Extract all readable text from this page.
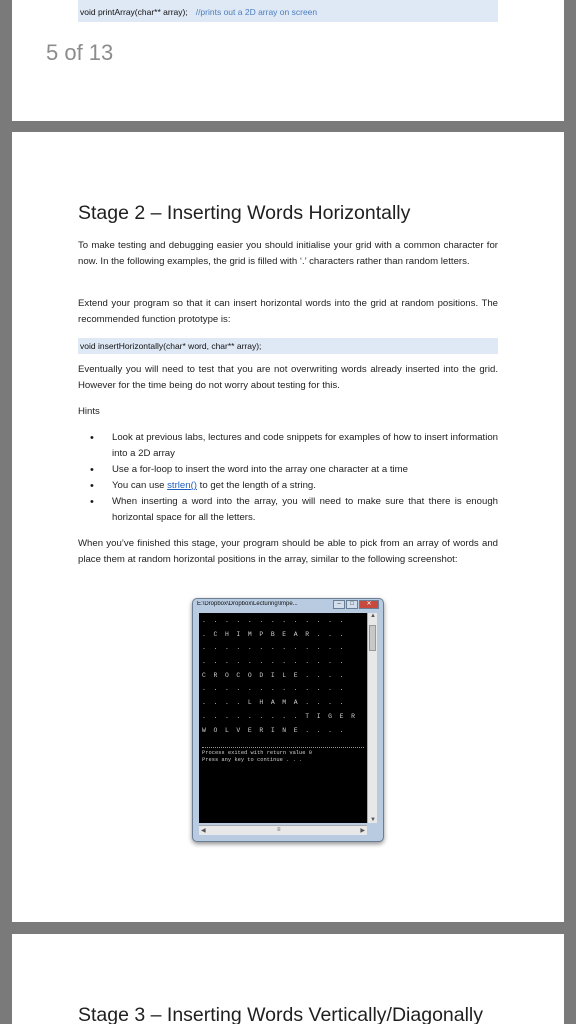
void printArray(char** array); //prints out a 2D array on screen
5 of 13
Stage 2 – Inserting Words Horizontally
To make testing and debugging easier you should initialise your grid with a common character for now. In the following examples, the grid is filled with ‘.’ characters rather than random letters.
Extend your program so that it can insert horizontal words into the grid at random positions. The recommended function prototype is:
void insertHorizontally(char* word, char** array);
Eventually you will need to test that you are not overwriting words already inserted into the grid. However for the time being do not worry about testing for this.
Hints
• Look at previous labs, lectures and code snippets for examples of how to insert information into a 2D array
• Use a for-loop to insert the word into the array one character at a time
• You can use strlen() to get the length of a string.
• When inserting a word into the array, you will need to make sure that there is enough horizontal space for all the letters.
When you’ve finished this stage, your program should be able to pick from an array of words and place them at random horizontal positions in the array, similar to the following screenshot:
E:\Dropbox\Dropbox\Lecturing\Impe...	–	□	✕
. . . . . . . . . . . . .
. C H I M P B E A R . . .
. . . . . . . . . . . . .
. . . . . . . . . . . . .
C R O C O D I L E . . . .
. . . . . . . . . . . . .
. . . . L H A M A . . . .
. . . . . . . . . T I G E R
W O L V E R I N E . . . .
Process exited with return value 0
Press any key to continue . . .
▲
▼
◀	≡	▶
Stage 3 – Inserting Words Vertically/Diagonally
